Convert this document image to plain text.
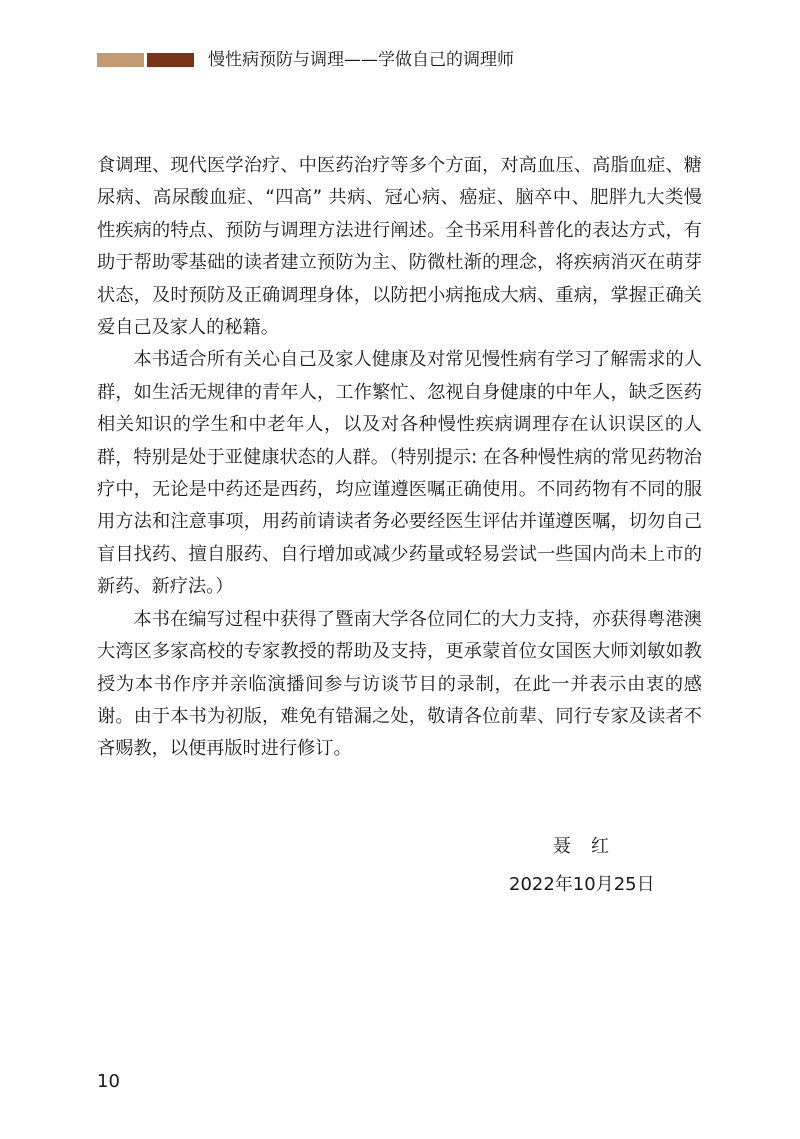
慢性病预防与调理——学做自己的调理师

食调理、现代医学治疗、中医药治疗等多个方面，对高血压、高脂血症、糖尿病、高尿酸血症、“四高” 共病、冠心病、癌症、脑卒中、肥胖九大类慢性疾病的特点、预防与调理方法进行阐述。全书采用科普化的表达方式，有助于帮助零基础的读者建立预防为主、防微杜渐的理念，将疾病消灭在萌芽状态，及时预防及正确调理身体，以防把小病拖成大病、重病，掌握正确关爱自己及家人的秘籍。

本书适合所有关心自己及家人健康及对常见慢性病有学习了解需求的人群，如生活无规律的青年人，工作繁忙、忽视自身健康的中年人，缺乏医药相关知识的学生和中老年人，以及对各种慢性疾病调理存在认识误区的人群，特别是处于亚健康状态的人群。（特别提示: 在各种慢性病的常见药物治疗中，无论是中药还是西药，均应谨遵医嘱正确使用。不同药物有不同的服用方法和注意事项，用药前请读者务必要经医生评估并谨遵医嘱，切勿自己盲目找药、擅自服药、自行增加或减少药量或轻易尝试一些国内尚未上市的新药、新疗法。）

本书在编写过程中获得了暨南大学各位同仁的大力支持，亦获得粤港澳大湾区多家高校的专家教授的帮助及支持，更承蒙首位女国医大师刘敏如教授为本书作序并亲临演播间参与访谈节目的录制，在此一并表示由衷的感谢。由于本书为初版，难免有错漏之处，敬请各位前辈、同行专家及读者不吝赐教，以便再版时进行修订。

聂　红
2022年10月25日
10
